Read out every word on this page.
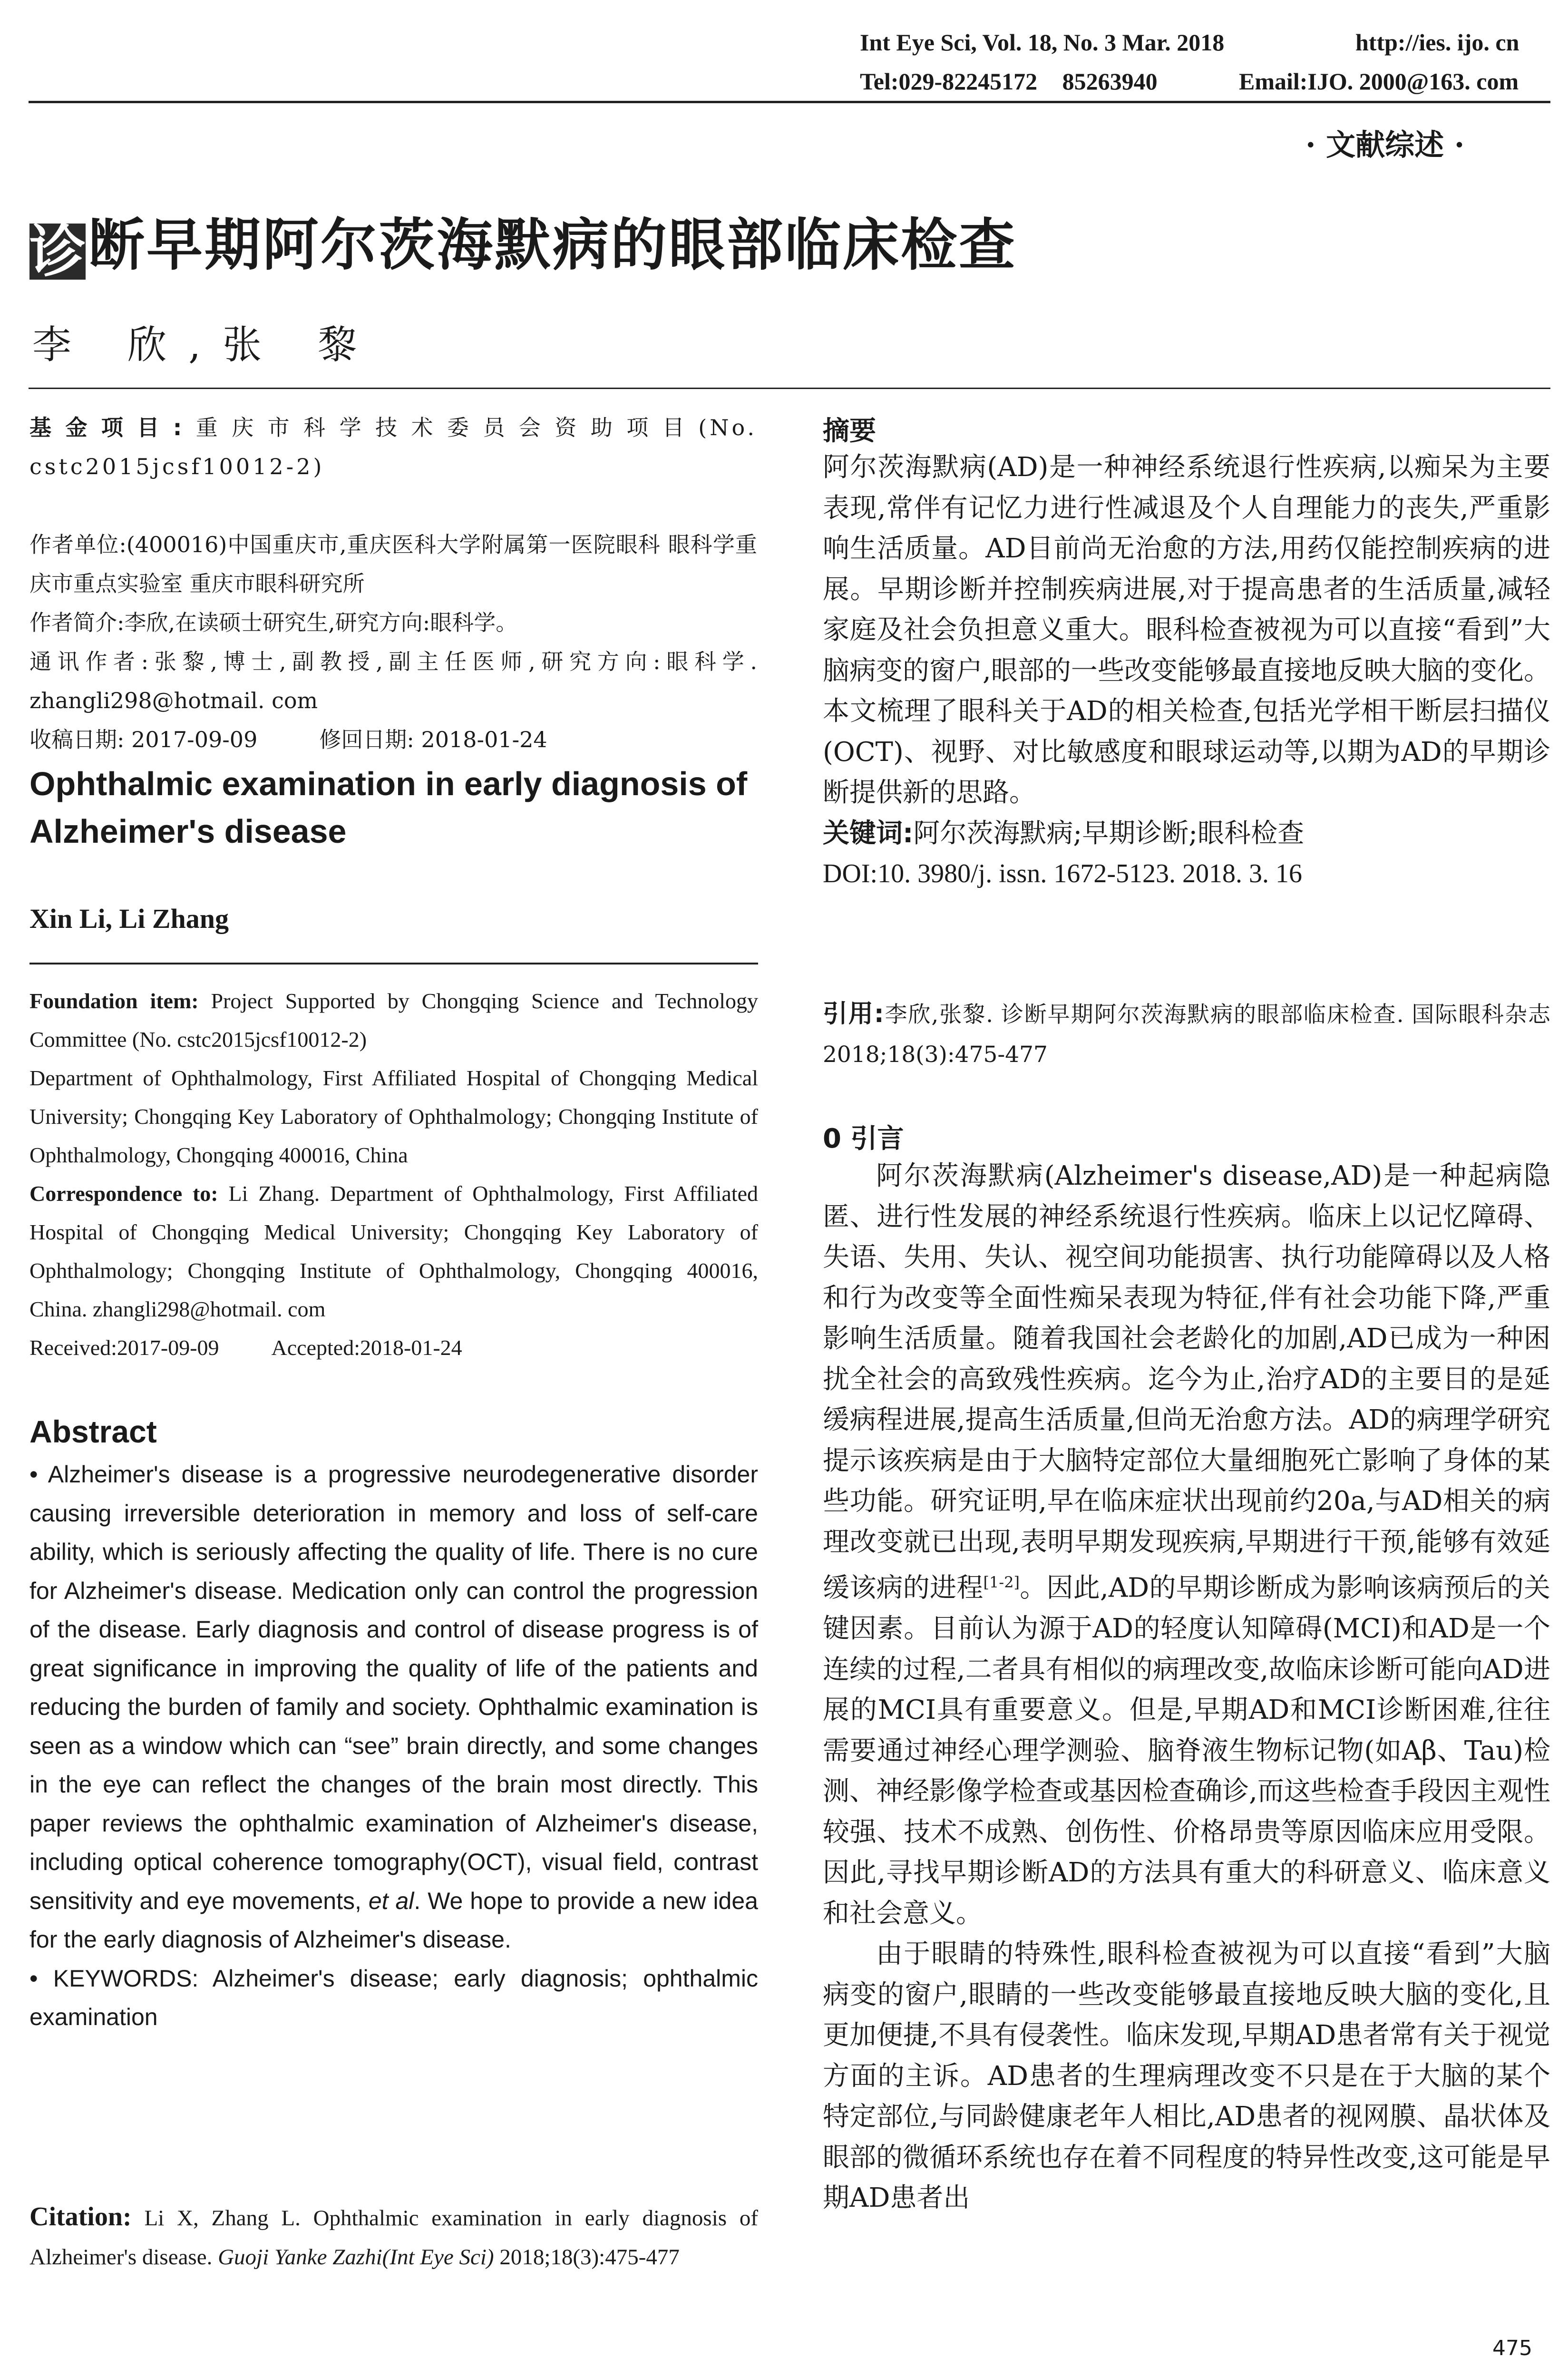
Int Eye Sci, Vol. 18, No. 3 Mar. 2018	http://ies. ijo. cn
Tel:029-82245172 85263940	Email:IJO. 2000@163. com
· 文献综述 ·
诊断早期阿尔茨海默病的眼部临床检查
李 欣,张 黎

基金项目:重庆市科学技术委员会资助项目(No. cstc2015jcsf10012-2)

作者单位:(400016)中国重庆市,重庆医科大学附属第一医院眼科 眼科学重庆市重点实验室 重庆市眼科研究所

作者简介:李欣,在读硕士研究生,研究方向:眼科学。

通讯作者:张黎,博士,副教授,副主任医师,研究方向:眼科学. zhangli298@hotmail. com

收稿日期: 2017-09-09	修回日期: 2018-01-24

Ophthalmic examination in early diagnosis of Alzheimer's disease
Xin Li, Li Zhang

Foundation item: Project Supported by Chongqing Science and Technology Committee (No. cstc2015jcsf10012-2)

Department of Ophthalmology, First Affiliated Hospital of Chongqing Medical University; Chongqing Key Laboratory of Ophthalmology; Chongqing Institute of Ophthalmology, Chongqing 400016, China

Correspondence to: Li Zhang. Department of Ophthalmology, First Affiliated Hospital of Chongqing Medical University; Chongqing Key Laboratory of Ophthalmology; Chongqing Institute of Ophthalmology, Chongqing 400016, China. zhangli298@hotmail. com

Received:2017-09-09 Accepted:2018-01-24

Abstract

• Alzheimer's disease is a progressive neurodegenerative disorder causing irreversible deterioration in memory and loss of self-care ability, which is seriously affecting the quality of life. There is no cure for Alzheimer's disease. Medication only can control the progression of the disease. Early diagnosis and control of disease progress is of great significance in improving the quality of life of the patients and reducing the burden of family and society. Ophthalmic examination is seen as a window which can “see” brain directly, and some changes in the eye can reflect the changes of the brain most directly. This paper reviews the ophthalmic examination of Alzheimer's disease, including optical coherence tomography(OCT), visual field, contrast sensitivity and eye movements, et al. We hope to provide a new idea for the early diagnosis of Alzheimer's disease.

• KEYWORDS: Alzheimer's disease; early diagnosis; ophthalmic examination

Citation: Li X, Zhang L. Ophthalmic examination in early diagnosis of Alzheimer's disease. Guoji Yanke Zazhi(Int Eye Sci) 2018;18(3):475-477
摘要

阿尔茨海默病(AD)是一种神经系统退行性疾病,以痴呆为主要表现,常伴有记忆力进行性减退及个人自理能力的丧失,严重影响生活质量。AD目前尚无治愈的方法,用药仅能控制疾病的进展。早期诊断并控制疾病进展,对于提高患者的生活质量,减轻家庭及社会负担意义重大。眼科检查被视为可以直接“看到”大脑病变的窗户,眼部的一些改变能够最直接地反映大脑的变化。本文梳理了眼科关于AD的相关检查,包括光学相干断层扫描仪(OCT)、视野、对比敏感度和眼球运动等,以期为AD的早期诊断提供新的思路。

关键词:阿尔茨海默病;早期诊断;眼科检查

DOI:10. 3980/j. issn. 1672-5123. 2018. 3. 16

引用:李欣,张黎. 诊断早期阿尔茨海默病的眼部临床检查. 国际眼科杂志 2018;18(3):475-477
0 引言

阿尔茨海默病(Alzheimer's disease,AD)是一种起病隐匿、进行性发展的神经系统退行性疾病。临床上以记忆障碍、失语、失用、失认、视空间功能损害、执行功能障碍以及人格和行为改变等全面性痴呆表现为特征,伴有社会功能下降,严重影响生活质量。随着我国社会老龄化的加剧,AD已成为一种困扰全社会的高致残性疾病。迄今为止,治疗AD的主要目的是延缓病程进展,提高生活质量,但尚无治愈方法。AD的病理学研究提示该疾病是由于大脑特定部位大量细胞死亡影响了身体的某些功能。研究证明,早在临床症状出现前约20a,与AD相关的病理改变就已出现,表明早期发现疾病,早期进行干预,能够有效延缓该病的进程[1-2]。因此,AD的早期诊断成为影响该病预后的关键因素。目前认为源于AD的轻度认知障碍(MCI)和AD是一个连续的过程,二者具有相似的病理改变,故临床诊断可能向AD进展的MCI具有重要意义。但是,早期AD和MCI诊断困难,往往需要通过神经心理学测验、脑脊液生物标记物(如Aβ、Tau)检测、神经影像学检查或基因检查确诊,而这些检查手段因主观性较强、技术不成熟、创伤性、价格昂贵等原因临床应用受限。因此,寻找早期诊断AD的方法具有重大的科研意义、临床意义和社会意义。

由于眼睛的特殊性,眼科检查被视为可以直接“看到”大脑病变的窗户,眼睛的一些改变能够最直接地反映大脑的变化,且更加便捷,不具有侵袭性。临床发现,早期AD患者常有关于视觉方面的主诉。AD患者的生理病理改变不只是在于大脑的某个特定部位,与同龄健康老年人相比,AD患者的视网膜、晶状体及眼部的微循环系统也存在着不同程度的特异性改变,这可能是早期AD患者出

475
